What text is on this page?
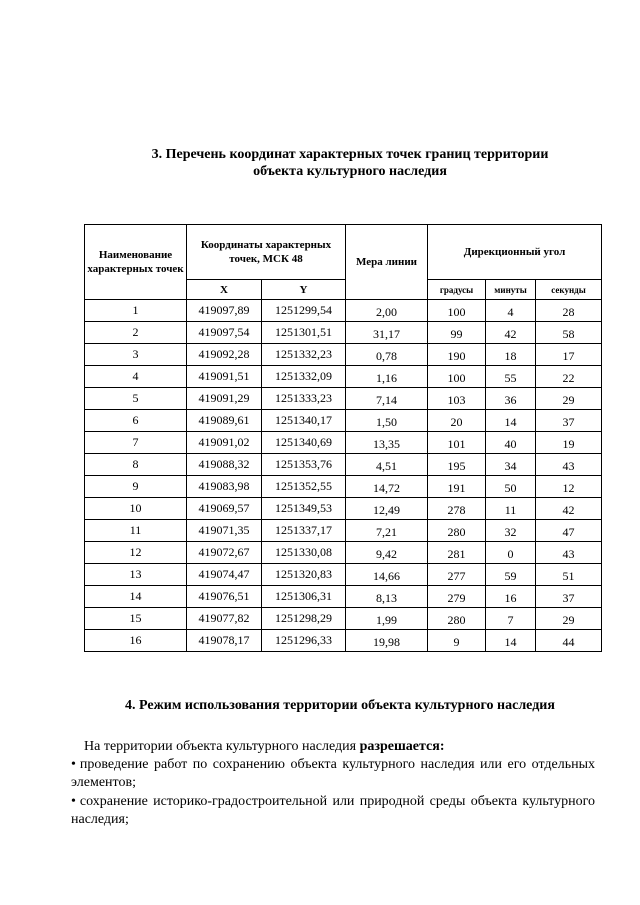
3. Перечень координат характерных точек границ территории
объекта культурного наследия
Наименование характерных точек	Координаты характерных точек, МСК 48		Мера линии	Дирекционный угол		
	X	Y		градусы	минуты	секунды
1	419097,89	1251299,54	2,00	100	4	28
2	419097,54	1251301,51	31,17	99	42	58
3	419092,28	1251332,23	0,78	190	18	17
4	419091,51	1251332,09	1,16	100	55	22
5	419091,29	1251333,23	7,14	103	36	29
6	419089,61	1251340,17	1,50	20	14	37
7	419091,02	1251340,69	13,35	101	40	19
8	419088,32	1251353,76	4,51	195	34	43
9	419083,98	1251352,55	14,72	191	50	12
10	419069,57	1251349,53	12,49	278	11	42
11	419071,35	1251337,17	7,21	280	32	47
12	419072,67	1251330,08	9,42	281	0	43
13	419074,47	1251320,83	14,66	277	59	51
14	419076,51	1251306,31	8,13	279	16	37
15	419077,82	1251298,29	1,99	280	7	29
16	419078,17	1251296,33	19,98	9	14	44
4. Режим использования территории объекта культурного наследия
На территории объекта культурного наследия разрешается:
• проведение работ по сохранению объекта культурного наследия или его отдельных элементов;
• сохранение историко-градостроительной или природной среды объекта культурного наследия;
